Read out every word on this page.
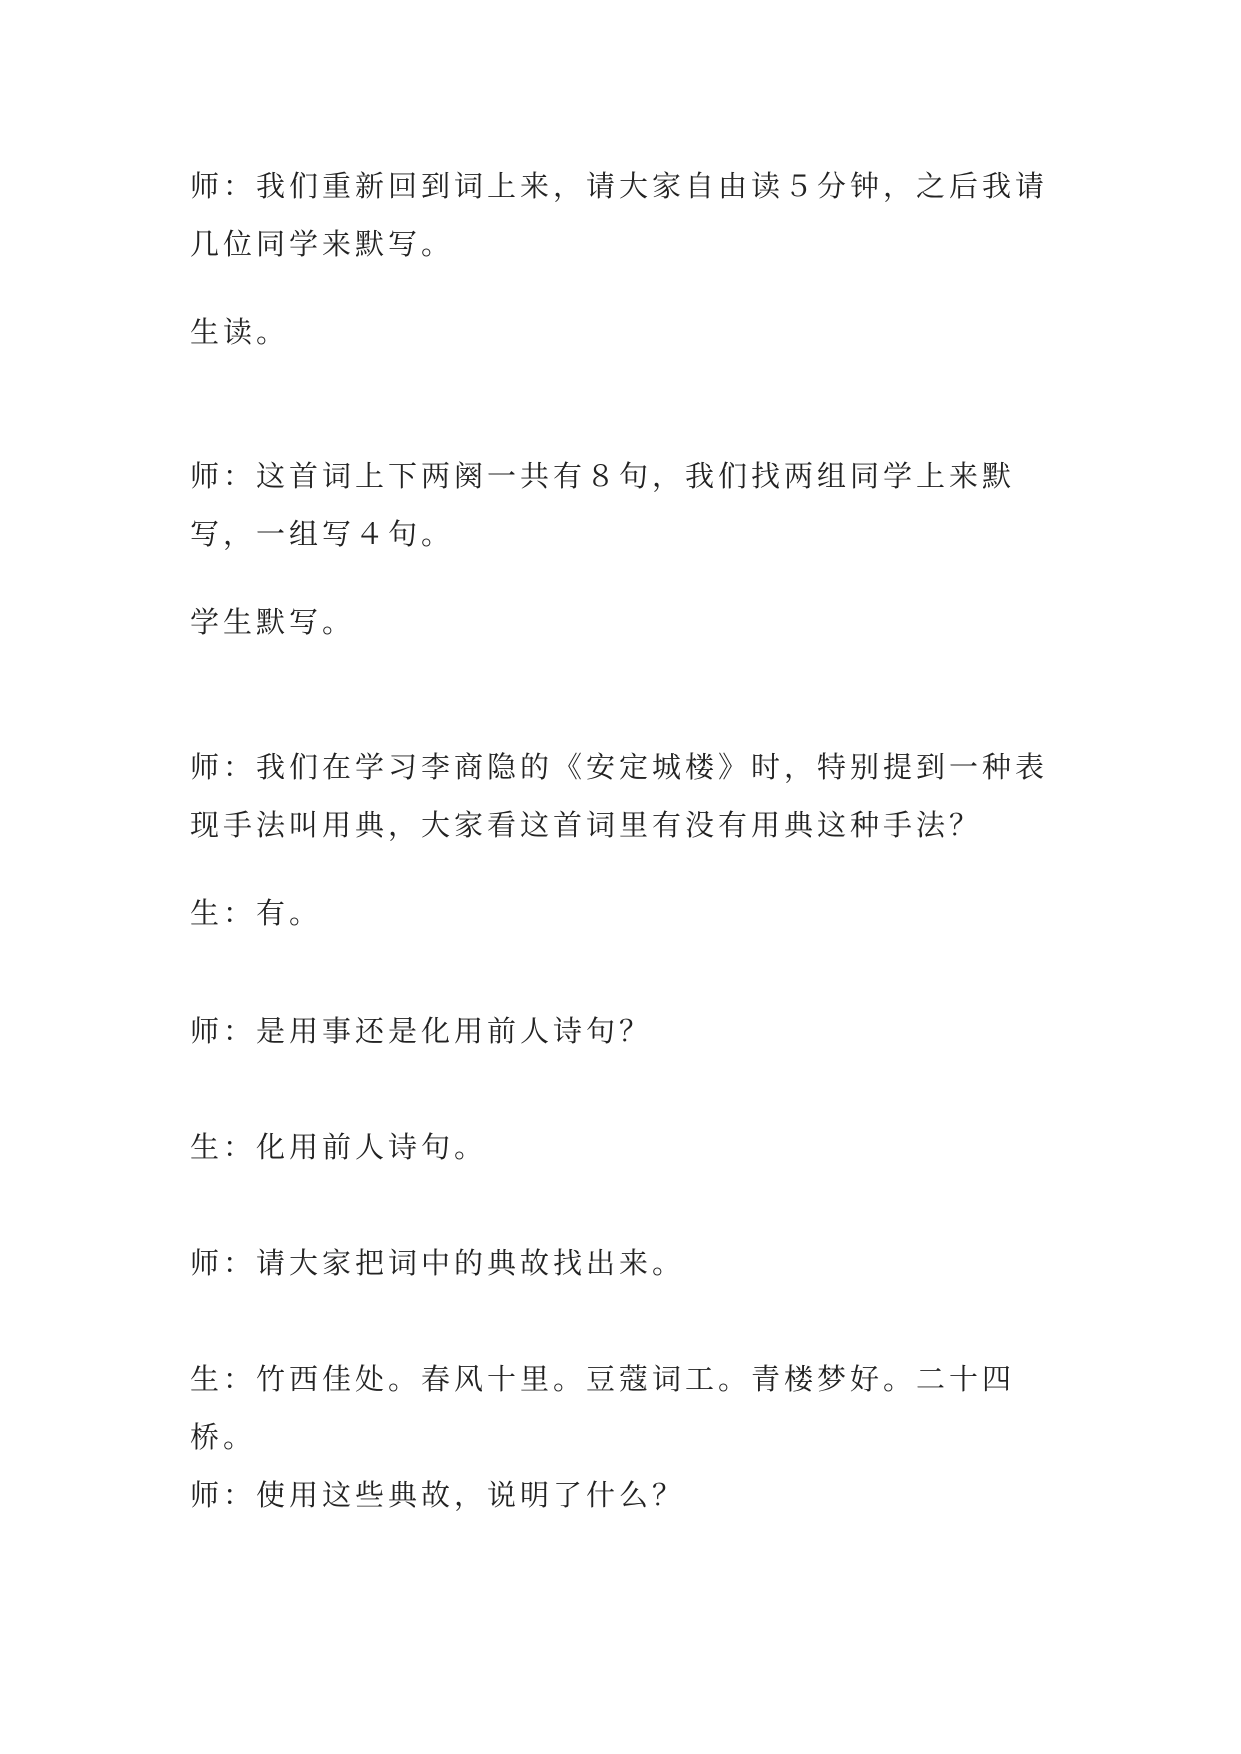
师：我们重新回到词上来，请大家自由读５分钟，之后我请几位同学来默写。

生读。

师：这首词上下两阕一共有８句，我们找两组同学上来默写，一组写４句。

学生默写。

师：我们在学习李商隐的《安定城楼》时，特别提到一种表现手法叫用典，大家看这首词里有没有用典这种手法？

生：有。

师：是用事还是化用前人诗句？

生：化用前人诗句。

师：请大家把词中的典故找出来。

生：竹西佳处。春风十里。豆蔻词工。青楼梦好。二十四桥。

师：使用这些典故，说明了什么？
